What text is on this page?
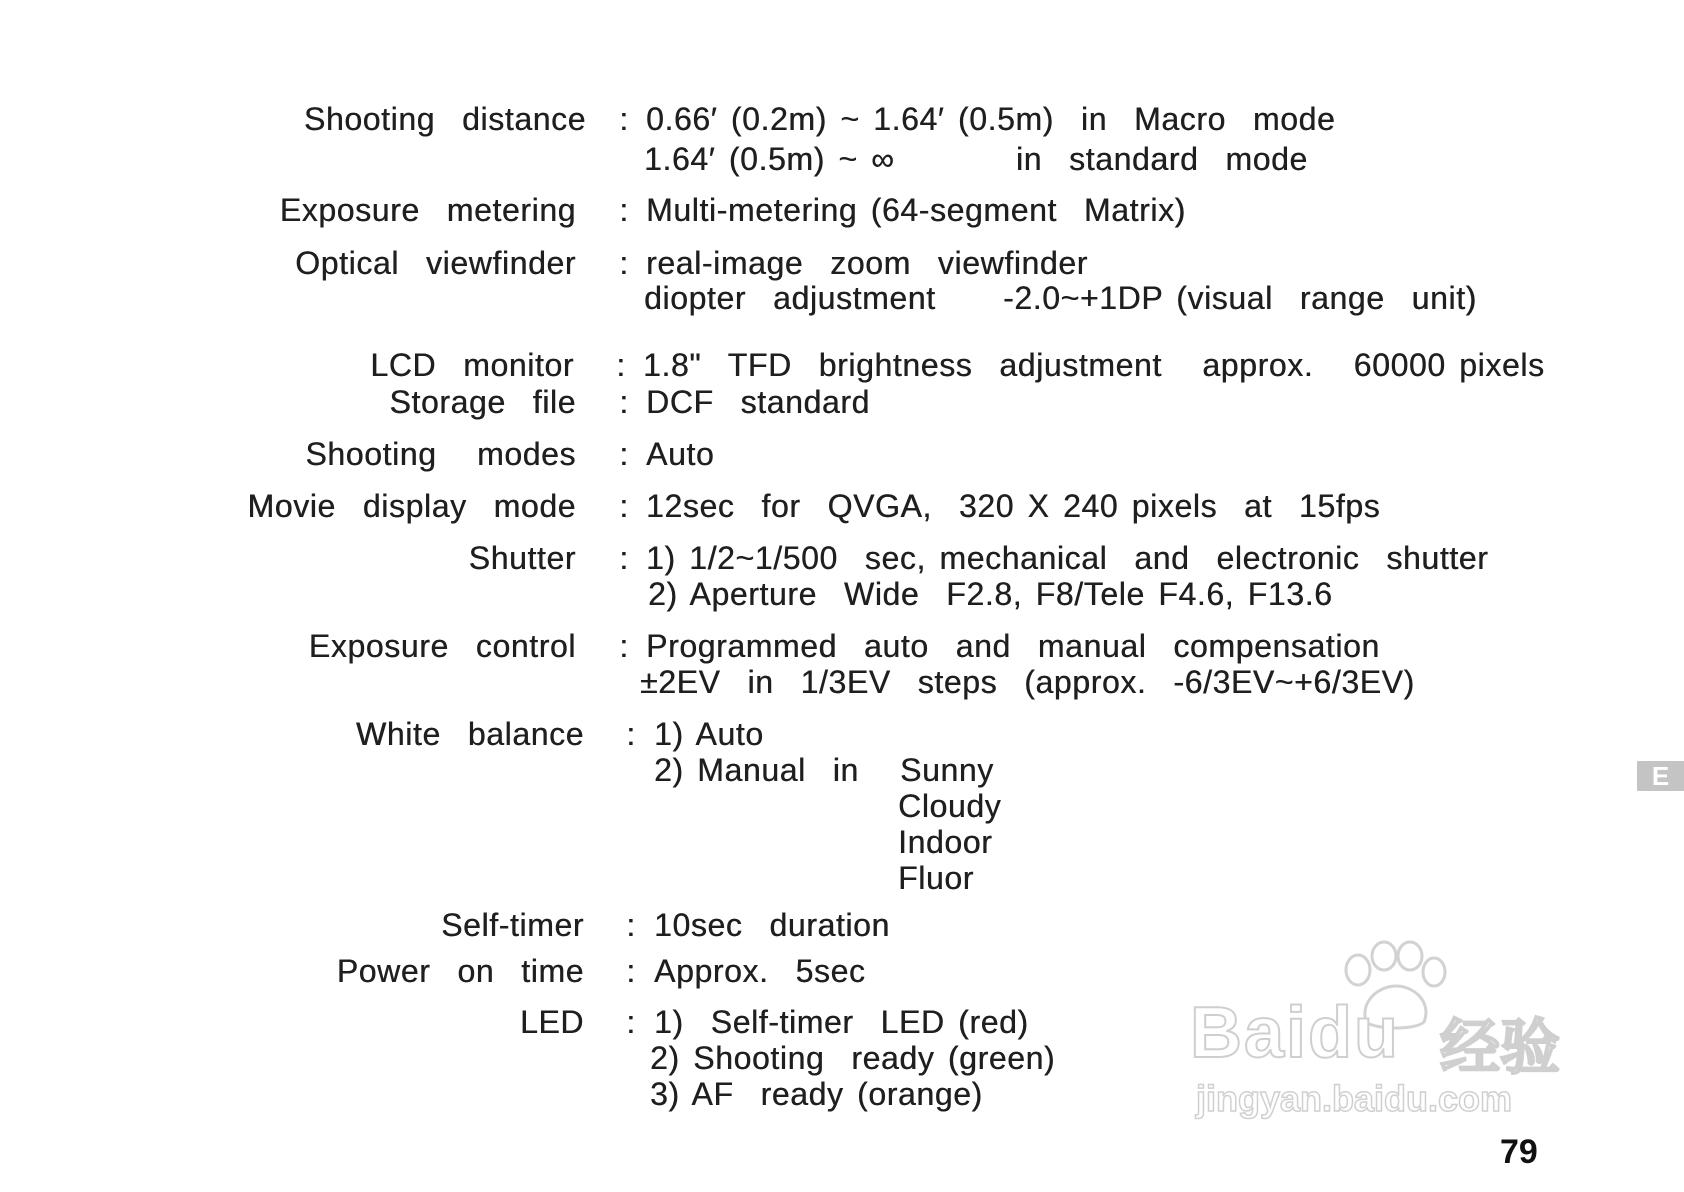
Shooting  distance : 0.66′ (0.2m) ~ 1.64′ (0.5m)  in  Macro  mode
1.64′ (0.5m) ~ ∞         in  standard  mode
Exposure  metering : Multi-metering (64-segment  Matrix)
Optical  viewfinder : real-image  zoom  viewfinder
diopter  adjustment     -2.0~+1DP (visual  range  unit)
LCD  monitor : 1.8"  TFD  brightness  adjustment   approx.   60000 pixels
Storage  file : DCF  standard
Shooting   modes : Auto
Movie  display  mode : 12sec  for  QVGA,  320 X 240 pixels  at  15fps
Shutter : 1) 1/2~1/500  sec, mechanical  and  electronic  shutter
2) Aperture  Wide  F2.8, F8/Tele F4.6, F13.6
Exposure  control : Programmed  auto  and  manual  compensation
±2EV  in  1/3EV  steps  (approx.  -6/3EV~+6/3EV)
White  balance : 1) Auto
2) Manual  in Sunny
Cloudy
Indoor
Fluor
Self-timer : 10sec  duration
Power  on  time : Approx.  5sec
LED : 1)  Self-timer  LED (red)
2) Shooting  ready (green)
3) AF  ready (orange)
E
Baidu 经验
jingyan.baidu.com
79
